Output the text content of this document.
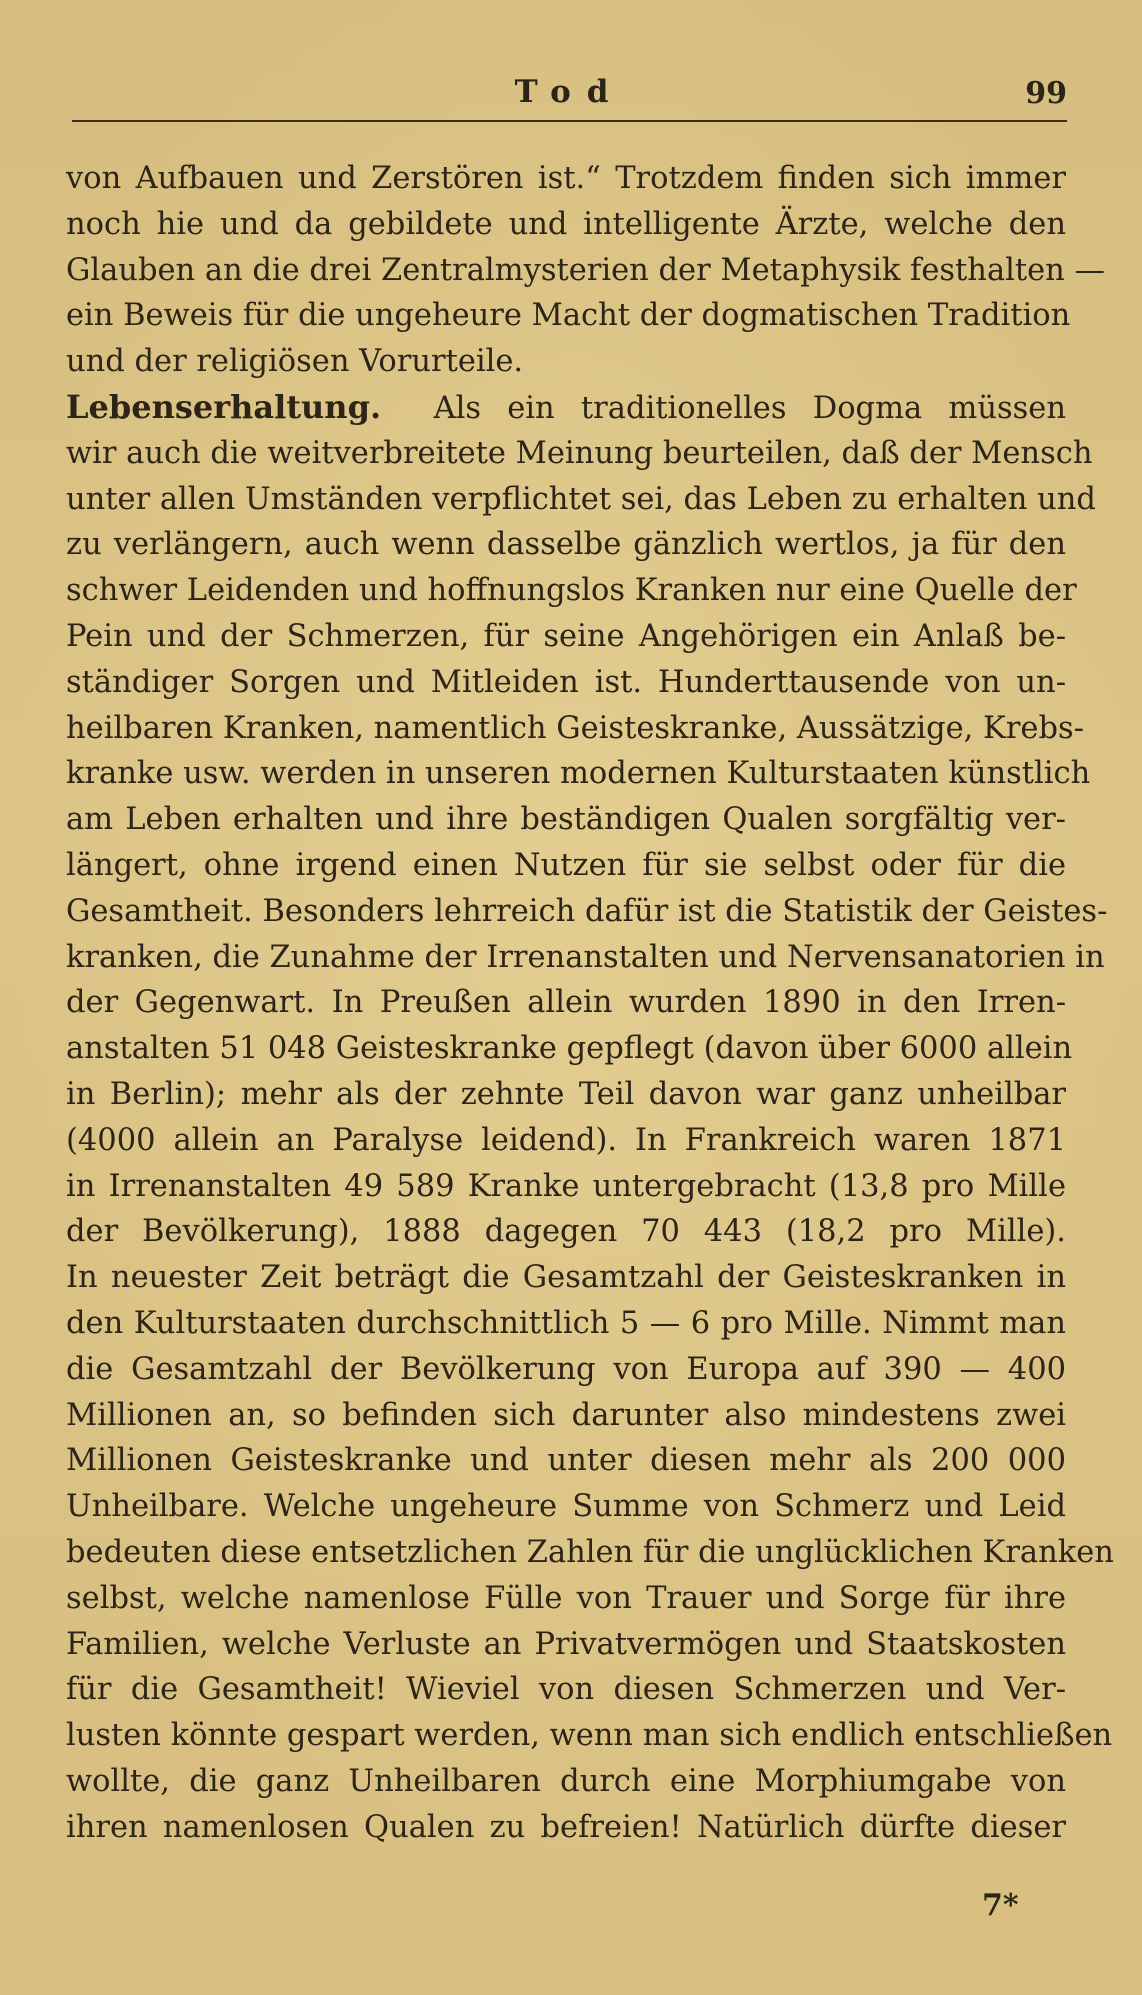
Tod	99
von Aufbauen und Zerstören ist.“ Trotzdem finden sich immer
noch hie und da gebildete und intelligente Ärzte, welche den
Glauben an die drei Zentralmysterien der Metaphysik festhalten —
ein Beweis für die ungeheure Macht der dogmatischen Tradition
und der religiösen Vorurteile.
Lebenserhaltung. Als ein traditionelles Dogma müssen
wir auch die weitverbreitete Meinung beurteilen, daß der Mensch
unter allen Umständen verpflichtet sei, das Leben zu erhalten und
zu verlängern, auch wenn dasselbe gänzlich wertlos, ja für den
schwer Leidenden und hoffnungslos Kranken nur eine Quelle der
Pein und der Schmerzen, für seine Angehörigen ein Anlaß be-
ständiger Sorgen und Mitleiden ist. Hunderttausende von un-
heilbaren Kranken, namentlich Geisteskranke, Aussätzige, Krebs-
kranke usw. werden in unseren modernen Kulturstaaten künstlich
am Leben erhalten und ihre beständigen Qualen sorgfältig ver-
längert, ohne irgend einen Nutzen für sie selbst oder für die
Gesamtheit. Besonders lehrreich dafür ist die Statistik der Geistes-
kranken, die Zunahme der Irrenanstalten und Nervensanatorien in
der Gegenwart. In Preußen allein wurden 1890 in den Irren-
anstalten 51 048 Geisteskranke gepflegt (davon über 6000 allein
in Berlin); mehr als der zehnte Teil davon war ganz unheilbar
(4000 allein an Paralyse leidend). In Frankreich waren 1871
in Irrenanstalten 49 589 Kranke untergebracht (13,8 pro Mille
der Bevölkerung), 1888 dagegen 70 443 (18,2 pro Mille).
In neuester Zeit beträgt die Gesamtzahl der Geisteskranken in
den Kulturstaaten durchschnittlich 5 — 6 pro Mille. Nimmt man
die Gesamtzahl der Bevölkerung von Europa auf 390 — 400
Millionen an, so befinden sich darunter also mindestens zwei
Millionen Geisteskranke und unter diesen mehr als 200 000
Unheilbare. Welche ungeheure Summe von Schmerz und Leid
bedeuten diese entsetzlichen Zahlen für die unglücklichen Kranken
selbst, welche namenlose Fülle von Trauer und Sorge für ihre
Familien, welche Verluste an Privatvermögen und Staatskosten
für die Gesamtheit! Wieviel von diesen Schmerzen und Ver-
lusten könnte gespart werden, wenn man sich endlich entschließen
wollte, die ganz Unheilbaren durch eine Morphiumgabe von
ihren namenlosen Qualen zu befreien! Natürlich dürfte dieser
7*
